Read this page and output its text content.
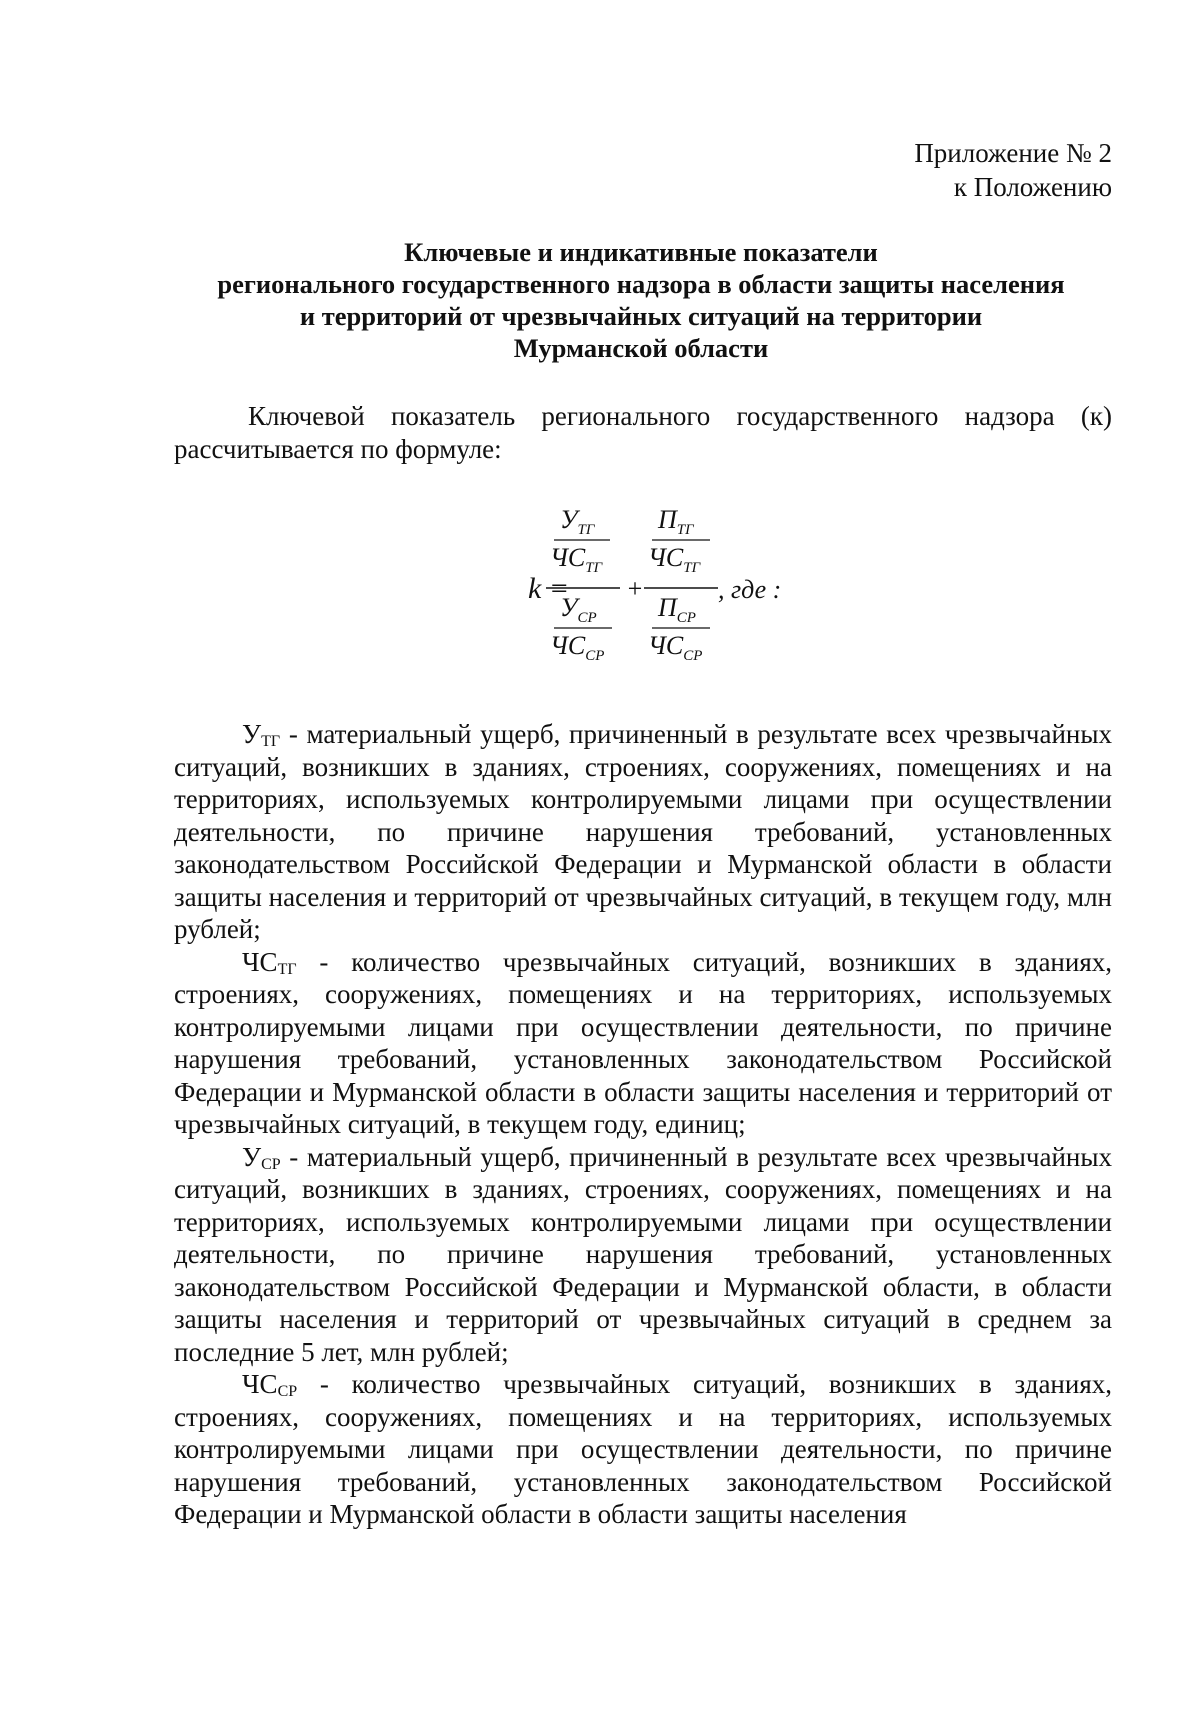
Приложение № 2
к Положению
Ключевые и индикативные показатели
регионального государственного надзора в области защиты населения
и территорий от чрезвычайных ситуаций на территории
Мурманской области
Ключевой показатель регионального государственного надзора (к) рассчитывается по формуле:
k =
$У_{ТГ}$
$ЧС_{ТГ}$
$У_{СР}$
$ЧС_{СР}$
+
$П_{ТГ}$
$ЧС_{ТГ}$
$П_{СР}$
$ЧС_{СР}$
, где :

$У_{ТГ}$ - материальный ущерб, причиненный в результате всех чрезвычайных ситуаций, возникших в зданиях, строениях, сооружениях, помещениях и на территориях, используемых контролируемыми лицами при осуществлении деятельности, по причине нарушения требований, установленных законодательством Российской Федерации и Мурманской области в области защиты населения и территорий от чрезвычайных ситуаций, в текущем году, млн рублей;

$ЧС_{ТГ}$ - количество чрезвычайных ситуаций, возникших в зданиях, строениях, сооружениях, помещениях и на территориях, используемых контролируемыми лицами при осуществлении деятельности, по причине нарушения требований, установленных законодательством Российской Федерации и Мурманской области в области защиты населения и территорий от чрезвычайных ситуаций, в текущем году, единиц;

$У_{СР}$ - материальный ущерб, причиненный в результате всех чрезвычайных ситуаций, возникших в зданиях, строениях, сооружениях, помещениях и на территориях, используемых контролируемыми лицами при осуществлении деятельности, по причине нарушения требований, установленных законодательством Российской Федерации и Мурманской области, в области защиты населения и территорий от чрезвычайных ситуаций в среднем за последние 5 лет, млн рублей;

$ЧС_{СР}$ - количество чрезвычайных ситуаций, возникших в зданиях, строениях, сооружениях, помещениях и на территориях, используемых контролируемыми лицами при осуществлении деятельности, по причине нарушения требований, установленных законодательством Российской Федерации и Мурманской области в области защиты населения
